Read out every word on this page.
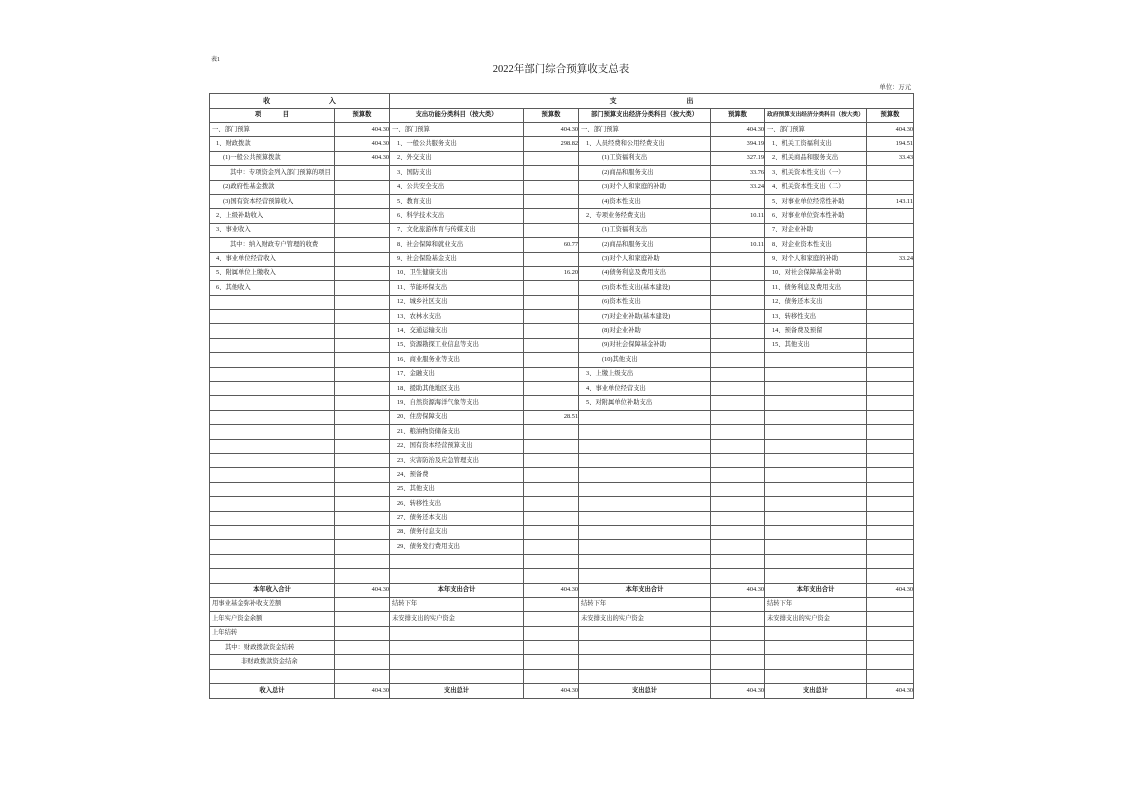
表1
2022年部门综合预算收支总表
单位：万元
收 入		支 出					
项 目	预算数	支出功能分类科目（按大类）	预算数	部门预算支出经济分类科目（按大类）	预算数	政府预算支出经济分类科目（按大类）	预算数
一、部门预算	404.30	一、部门预算	404.30	一、部门预算	404.30	一、部门预算	404.30
1、财政拨款	404.30	1、一般公共服务支出	298.82	1、人员经费和公用经费支出	394.19	1、机关工资福利支出	194.51
(1)一般公共预算拨款	404.30	2、外交支出		(1)工资福利支出	327.19	2、机关商品和服务支出	33.43
其中：专项资金列入部门预算的项目		3、国防支出		(2)商品和服务支出	33.76	3、机关资本性支出（一）	
(2)政府性基金拨款		4、公共安全支出		(3)对个人和家庭的补助	33.24	4、机关资本性支出（二）	
(3)国有资本经营预算收入		5、教育支出		(4)资本性支出		5、对事业单位经常性补助	143.11
2、上级补助收入		6、科学技术支出		2、专项业务经费支出	10.11	6、对事业单位资本性补助	
3、事业收入		7、文化旅游体育与传媒支出		(1)工资福利支出		7、对企业补助	
其中：纳入财政专户管理的收费		8、社会保障和就业支出	60.77	(2)商品和服务支出	10.11	8、对企业资本性支出	
4、事业单位经营收入		9、社会保险基金支出		(3)对个人和家庭补助		9、对个人和家庭的补助	33.24
5、附属单位上缴收入		10、卫生健康支出	16.20	(4)债务利息及费用支出		10、对社会保障基金补助	
6、其他收入		11、节能环保支出		(5)资本性支出(基本建设)		11、债务利息及费用支出	
		12、城乡社区支出		(6)资本性支出		12、债务还本支出	
		13、农林水支出		(7)对企业补助(基本建设)		13、转移性支出	
		14、交通运输支出		(8)对企业补助		14、预备费及预留	
		15、资源勘探工业信息等支出		(9)对社会保障基金补助		15、其他支出	
		16、商业服务业等支出		(10)其他支出			
		17、金融支出		3、上缴上级支出			
		18、援助其他地区支出		4、事业单位经营支出			
		19、自然资源海洋气象等支出		5、对附属单位补助支出			
		20、住房保障支出	28.51				
		21、粮油物资储备支出					
		22、国有资本经营预算支出					
		23、灾害防治及应急管理支出					
		24、预备费					
		25、其他支出					
		26、转移性支出					
		27、债务还本支出					
		28、债务付息支出					
		29、债务发行费用支出					

本年收入合计	404.30	本年支出合计	404.30	本年支出合计	404.30	本年支出合计	404.30
用事业基金弥补收支差额		结转下年		结转下年		结转下年	
上年实户资金余额		未安排支出的实户资金		未安排支出的实户资金		未安排支出的实户资金	
上年结转							
其中：财政拨款资金结转							
非财政拨款资金结余							

收入总计	404.30	支出总计	404.30	支出总计	404.30	支出总计	404.30
